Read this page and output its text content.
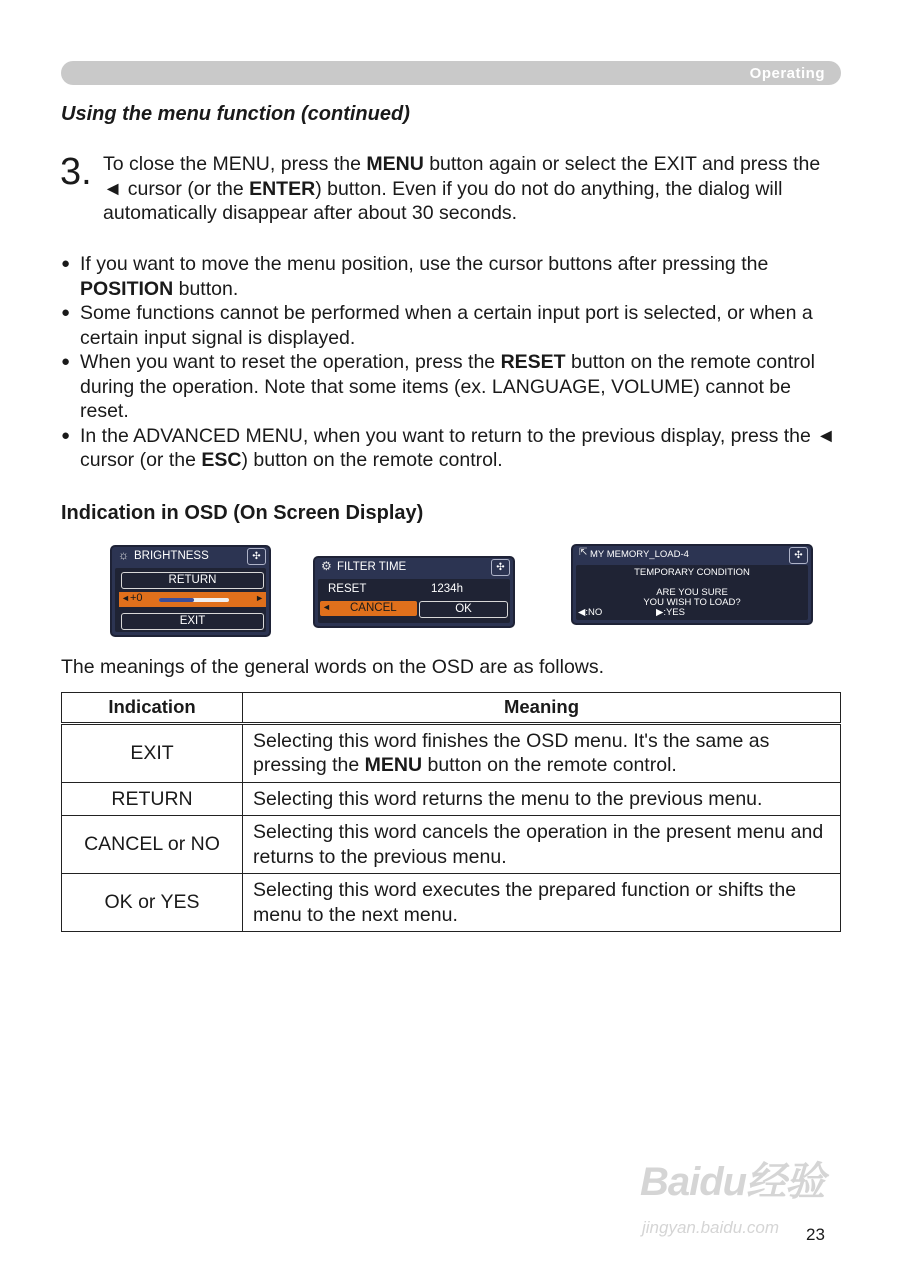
Operating
Using the menu function (continued)
3. To close the MENU, press the MENU button again or select the EXIT and press the ◄ cursor (or the ENTER) button. Even if you do not do anything, the dialog will automatically disappear after about 30 seconds.
● If you want to move the menu position, use the cursor buttons after pressing the POSITION button.
● Some functions cannot be performed when a certain input port is selected, or when a certain input signal is displayed.
● When you want to reset the operation, press the RESET button on the remote control during the operation. Note that some items (ex. LANGUAGE, VOLUME) cannot be reset.
● In the ADVANCED MENU, when you want to return to the previous display, press the ◄ cursor (or the ESC) button on the remote control.
Indication in OSD (On Screen Display)
☼ BRIGHTNESS	✣
RETURN
◄ +0	►
EXIT
⚙ FILTER TIME	✣
RESET	1234h
◄ CANCEL	OK
⇱ MY MEMORY_LOAD-4	✣
TEMPORARY CONDITION
ARE YOU SURE
YOU WISH TO LOAD?
◀:NO	▶:YES
The meanings of the general words on the OSD are as follows.
Indication	Meaning
EXIT	Selecting this word finishes the OSD menu. It's the same as pressing the MENU button on the remote control.
RETURN	Selecting this word returns the menu to the previous menu.
CANCEL or NO	Selecting this word cancels the operation in the present menu and returns to the previous menu.
OK or YES	Selecting this word executes the prepared function or shifts the menu to the next menu.
Baidu经验
jingyan.baidu.com 23
